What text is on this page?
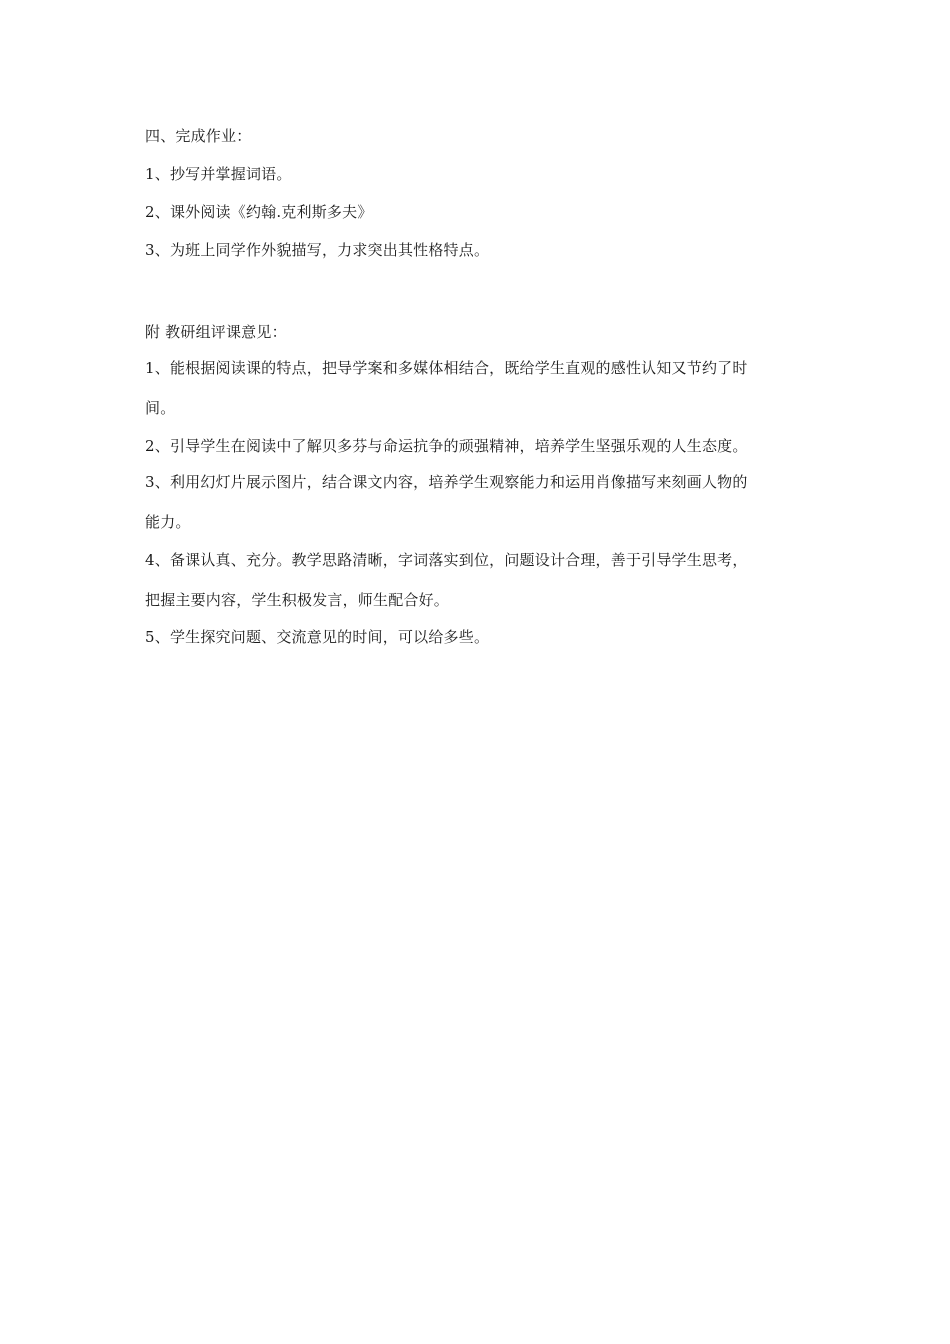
四、完成作业：
1、抄写并掌握词语。
2、课外阅读《约翰.克利斯多夫》
3、为班上同学作外貌描写，力求突出其性格特点。
附 教研组评课意见：
1、能根据阅读课的特点，把导学案和多媒体相结合，既给学生直观的感性认知又节约了时
间。
2、引导学生在阅读中了解贝多芬与命运抗争的顽强精神，培养学生坚强乐观的人生态度。
3、利用幻灯片展示图片，结合课文内容，培养学生观察能力和运用肖像描写来刻画人物的
能力。
4、备课认真、充分。教学思路清晰，字词落实到位，问题设计合理，善于引导学生思考，
把握主要内容，学生积极发言，师生配合好。
5、学生探究问题、交流意见的时间，可以给多些。
